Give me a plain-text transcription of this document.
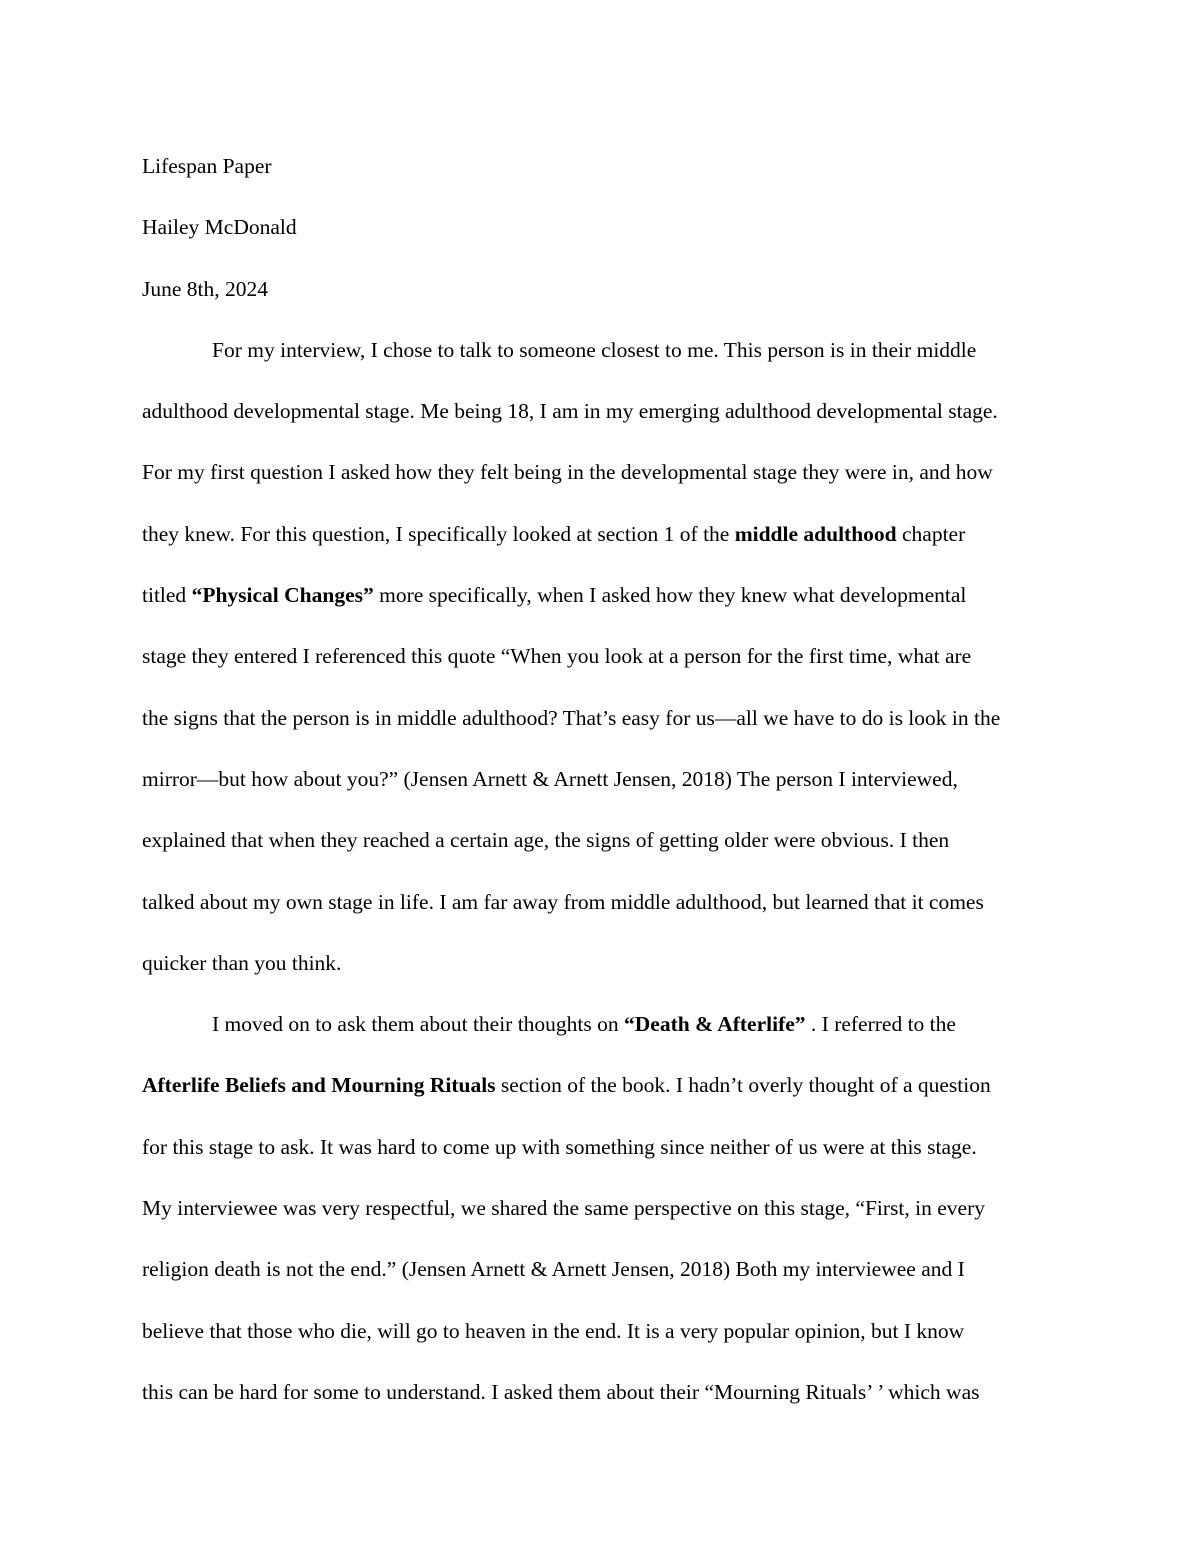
Lifespan Paper

Hailey McDonald

June 8th, 2024

For my interview, I chose to talk to someone closest to me. This person is in their middle
adulthood developmental stage. Me being 18, I am in my emerging adulthood developmental stage.
For my first question I asked how they felt being in the developmental stage they were in, and how
they knew. For this question, I specifically looked at section 1 of the middle adulthood chapter
titled “Physical Changes” more specifically, when I asked how they knew what developmental
stage they entered I referenced this quote “When you look at a person for the first time, what are
the signs that the person is in middle adulthood? That’s easy for us—all we have to do is look in the
mirror—but how about you?” (Jensen Arnett & Arnett Jensen, 2018) The person I interviewed,
explained that when they reached a certain age, the signs of getting older were obvious. I then
talked about my own stage in life. I am far away from middle adulthood, but learned that it comes
quicker than you think.

I moved on to ask them about their thoughts on “Death & Afterlife” . I referred to the
Afterlife Beliefs and Mourning Rituals section of the book. I hadn’t overly thought of a question
for this stage to ask. It was hard to come up with something since neither of us were at this stage.
My interviewee was very respectful, we shared the same perspective on this stage, “First, in every
religion death is not the end.” (Jensen Arnett & Arnett Jensen, 2018) Both my interviewee and I
believe that those who die, will go to heaven in the end. It is a very popular opinion, but I know
this can be hard for some to understand. I asked them about their “Mourning Rituals’ ’ which was
